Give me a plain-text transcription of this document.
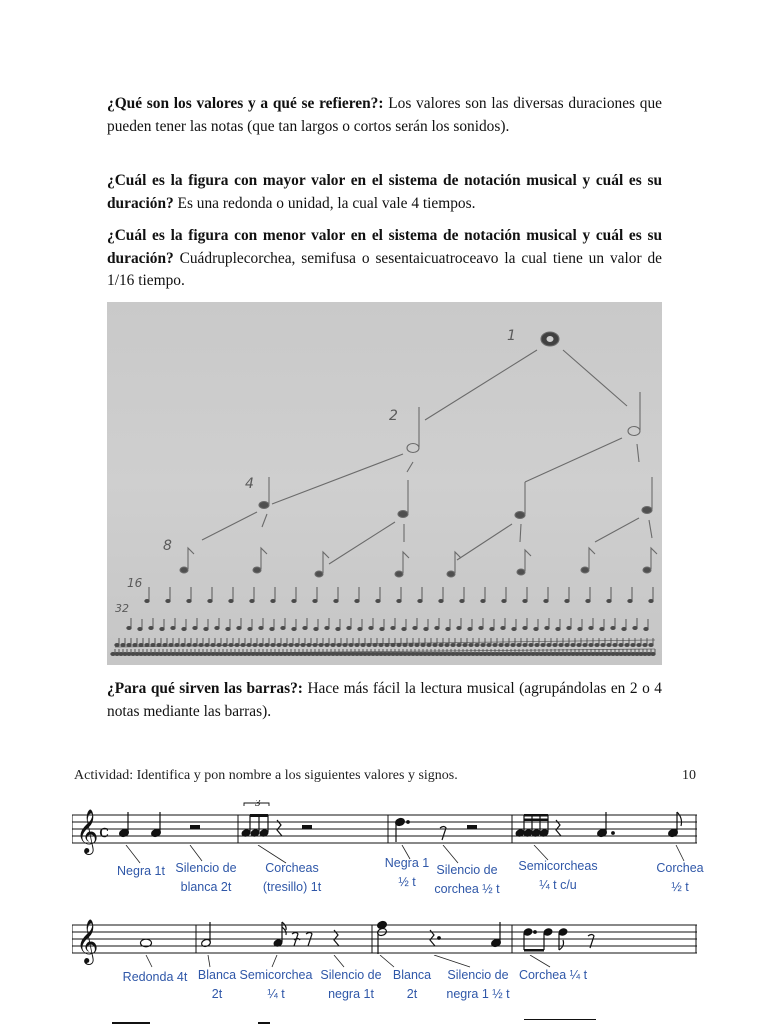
¿Qué son los valores y a qué se refieren?: Los valores son las diversas duraciones que pueden tener las notas (que tan largos o cortos serán los sonidos).

¿Cuál es la figura con mayor valor en el sistema de notación musical y cuál es su duración? Es una redonda o unidad, la cual vale 4 tiempos.

¿Cuál es la figura con menor valor en el sistema de notación musical y cuál es su duración? Cuádruplecorchea, semifusa o sesentaicuatroceavo la cual tiene un valor de 1/16 tiempo.

1
2
4
8
16
32

¿Para qué sirven las barras?: Hace más fácil la lectura musical (agrupándolas en 2 o 4 notas mediante las barras).

Actividad: Identifica y pon nombre a los siguientes valores y signos.	10
𝄞 c
3
Negra 1t Silencio de
blanca 2t
Corcheas
(tresillo) 1t
Negra 1
½ t
Silencio de
corchea ½ t
Semicorcheas
¼ t c/u
Corchea
½ t
𝄞
Redonda 4t Blanca
2t
Semicorchea
¼ t
Silencio de
negra 1t
Blanca
2t
Silencio de
negra 1 ½ t
Corchea ¼ t
